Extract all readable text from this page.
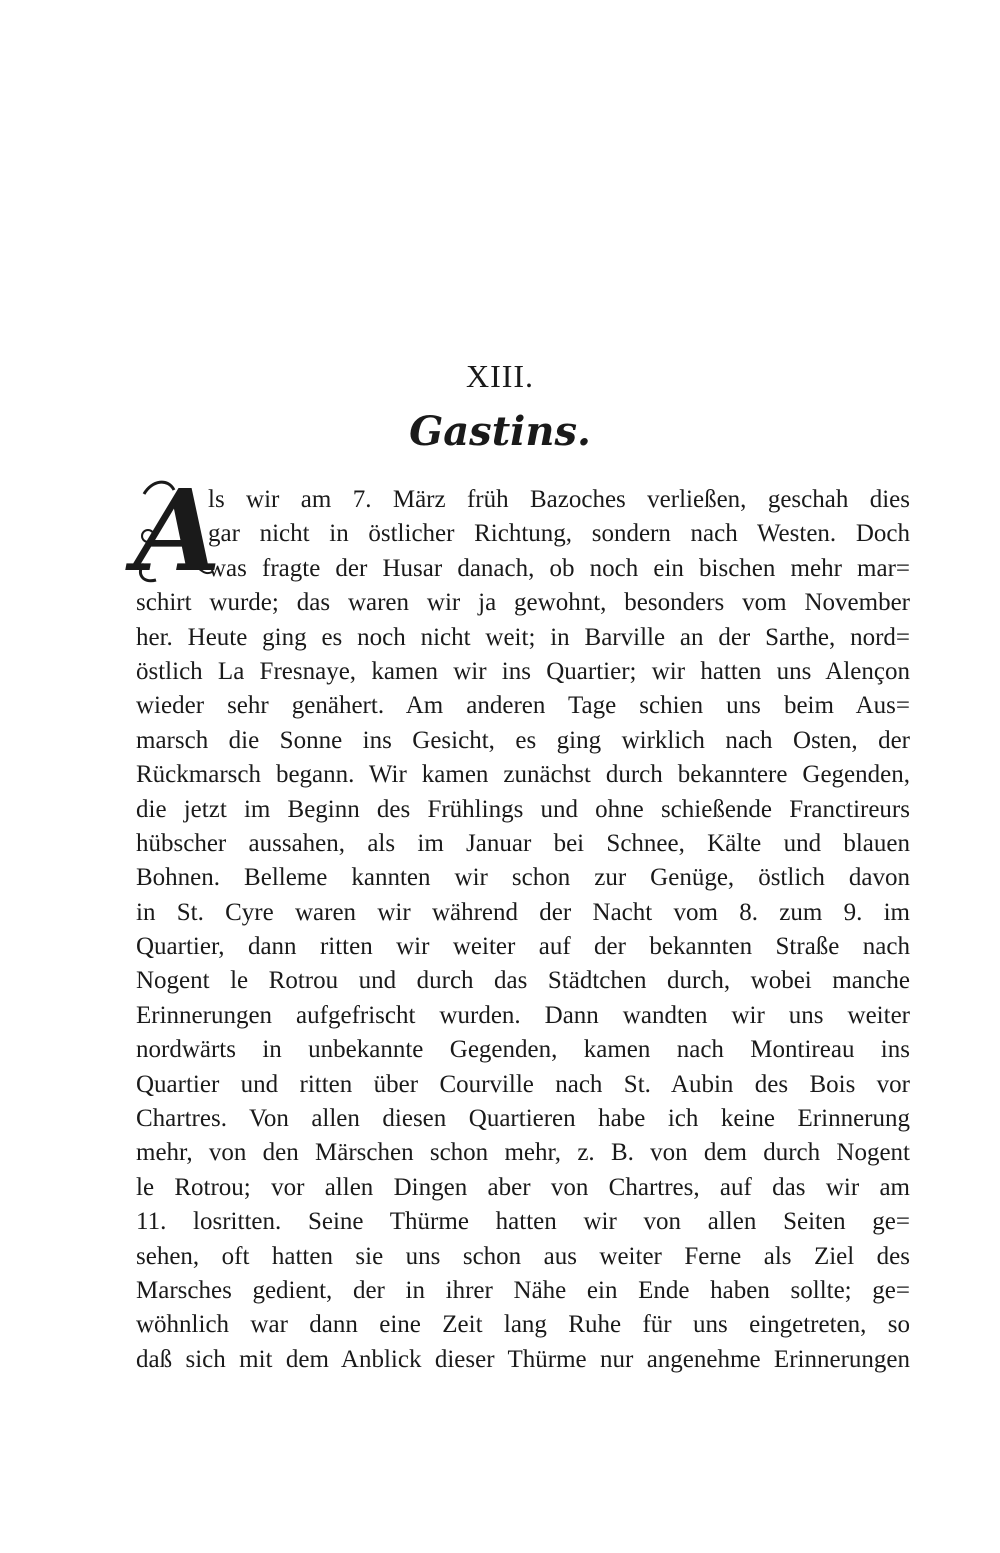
XIII.
Gastins.
A
ls wir am 7. März früh Bazoches verließen, geschah dies
gar nicht in östlicher Richtung, sondern nach Westen. Doch
was fragte der Husar danach, ob noch ein bischen mehr mar=
schirt wurde; das waren wir ja gewohnt, besonders vom November
her. Heute ging es noch nicht weit; in Barville an der Sarthe, nord=
östlich La Fresnaye, kamen wir ins Quartier; wir hatten uns Alençon
wieder sehr genähert. Am anderen Tage schien uns beim Aus=
marsch die Sonne ins Gesicht, es ging wirklich nach Osten, der
Rückmarsch begann. Wir kamen zunächst durch bekanntere Gegenden,
die jetzt im Beginn des Frühlings und ohne schießende Franctireurs
hübscher aussahen, als im Januar bei Schnee, Kälte und blauen
Bohnen. Belleme kannten wir schon zur Genüge, östlich davon
in St. Cyre waren wir während der Nacht vom 8. zum 9. im
Quartier, dann ritten wir weiter auf der bekannten Straße nach
Nogent le Rotrou und durch das Städtchen durch, wobei manche
Erinnerungen aufgefrischt wurden. Dann wandten wir uns weiter
nordwärts in unbekannte Gegenden, kamen nach Montireau ins
Quartier und ritten über Courville nach St. Aubin des Bois vor
Chartres. Von allen diesen Quartieren habe ich keine Erinnerung
mehr, von den Märschen schon mehr, z. B. von dem durch Nogent
le Rotrou; vor allen Dingen aber von Chartres, auf das wir am
11. losritten. Seine Thürme hatten wir von allen Seiten ge=
sehen, oft hatten sie uns schon aus weiter Ferne als Ziel des
Marsches gedient, der in ihrer Nähe ein Ende haben sollte; ge=
wöhnlich war dann eine Zeit lang Ruhe für uns eingetreten, so
daß sich mit dem Anblick dieser Thürme nur angenehme Erinnerungen
